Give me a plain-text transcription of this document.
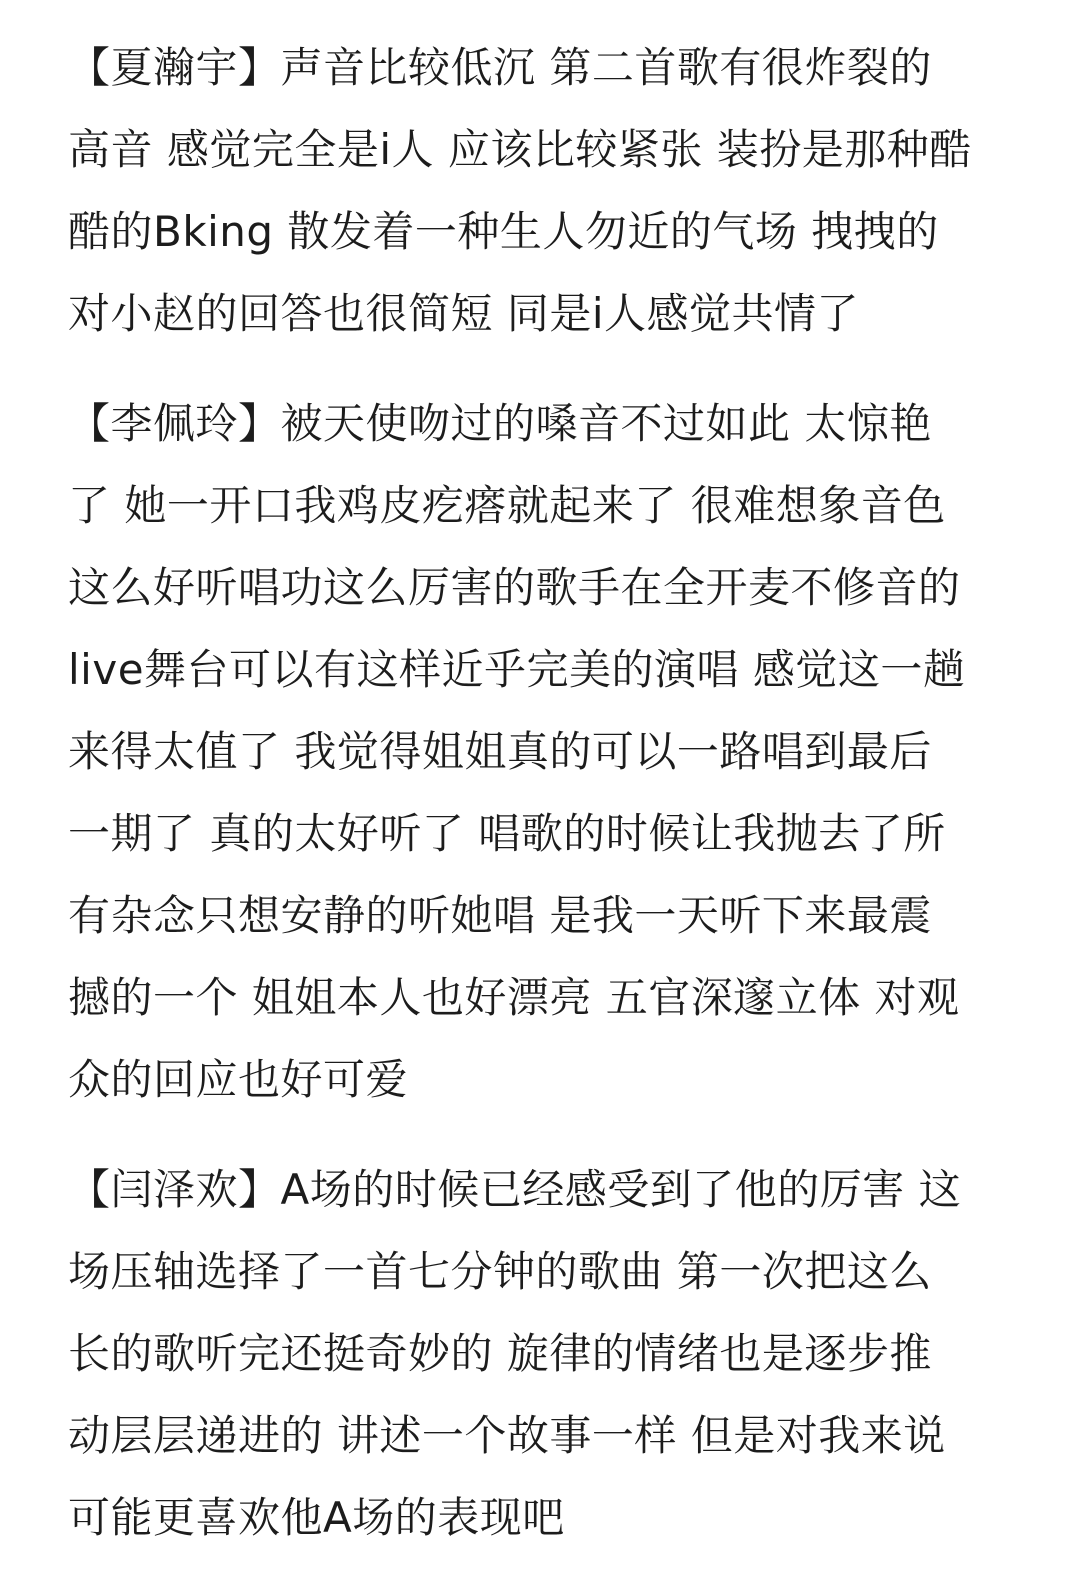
【夏瀚宇】声音比较低沉 第二首歌有很炸裂的
高音 感觉完全是i人 应该比较紧张 装扮是那种酷
酷的Bking 散发着一种生人勿近的气场 拽拽的
对小赵的回答也很简短 同是i人感觉共情了
【李佩玲】被天使吻过的嗓音不过如此 太惊艳
了 她一开口我鸡皮疙瘩就起来了 很难想象音色
这么好听唱功这么厉害的歌手在全开麦不修音的
live舞台可以有这样近乎完美的演唱 感觉这一趟
来得太值了 我觉得姐姐真的可以一路唱到最后
一期了 真的太好听了 唱歌的时候让我抛去了所
有杂念只想安静的听她唱 是我一天听下来最震
撼的一个 姐姐本人也好漂亮 五官深邃立体 对观
众的回应也好可爱
【闫泽欢】A场的时候已经感受到了他的厉害 这
场压轴选择了一首七分钟的歌曲 第一次把这么
长的歌听完还挺奇妙的 旋律的情绪也是逐步推
动层层递进的 讲述一个故事一样 但是对我来说
可能更喜欢他A场的表现吧
